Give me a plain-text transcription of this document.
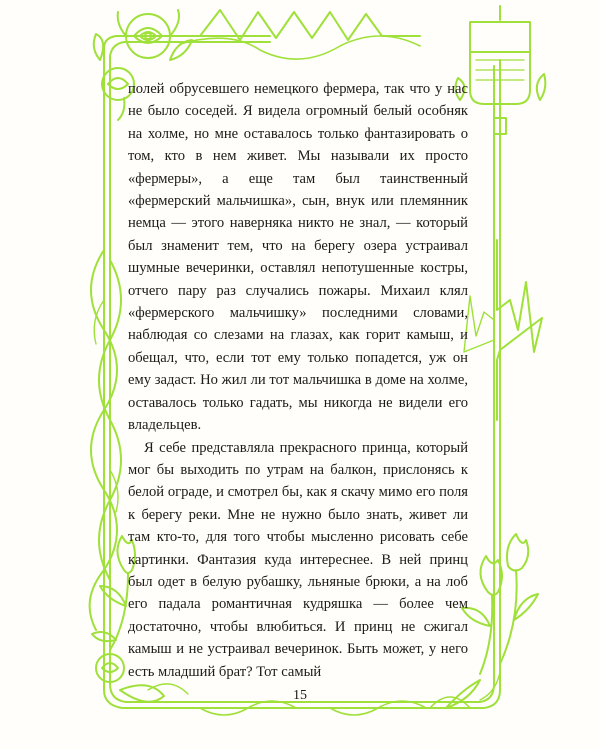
полей обрусевшего немецкого фермера, так что у нас не было соседей. Я видела огромный белый особняк на холме, но мне оставалось только фантазировать о том, кто в нем живет. Мы называли их просто «фермеры», а еще там был таинственный «фермерский мальчишка», сын, внук или племянник немца — этого наверняка никто не знал, — который был знаменит тем, что на берегу озера устраивал шумные вечеринки, оставлял непотушенные костры, отчего пару раз случались пожары. Михаил клял «фермерского мальчишку» последними словами, наблюдая со слезами на глазах, как горит камыш, и обещал, что, если тот ему только попадется, уж он ему задаст. Но жил ли тот мальчишка в доме на холме, оставалось только гадать, мы никогда не видели его владельцев.

Я себе представляла прекрасного принца, который мог бы выходить по утрам на балкон, прислонясь к белой ограде, и смотрел бы, как я скачу мимо его поля к берегу реки. Мне не нужно было знать, живет ли там кто-то, для того чтобы мысленно рисовать себе картинки. Фантазия куда интереснее. В ней принц был одет в белую рубашку, льняные брюки, а на лоб его падала романтичная кудряшка — более чем достаточно, чтобы влюбиться. И принц не сжигал камыш и не устраивал вечеринок. Быть может, у него есть младший брат? Тот самый

15
